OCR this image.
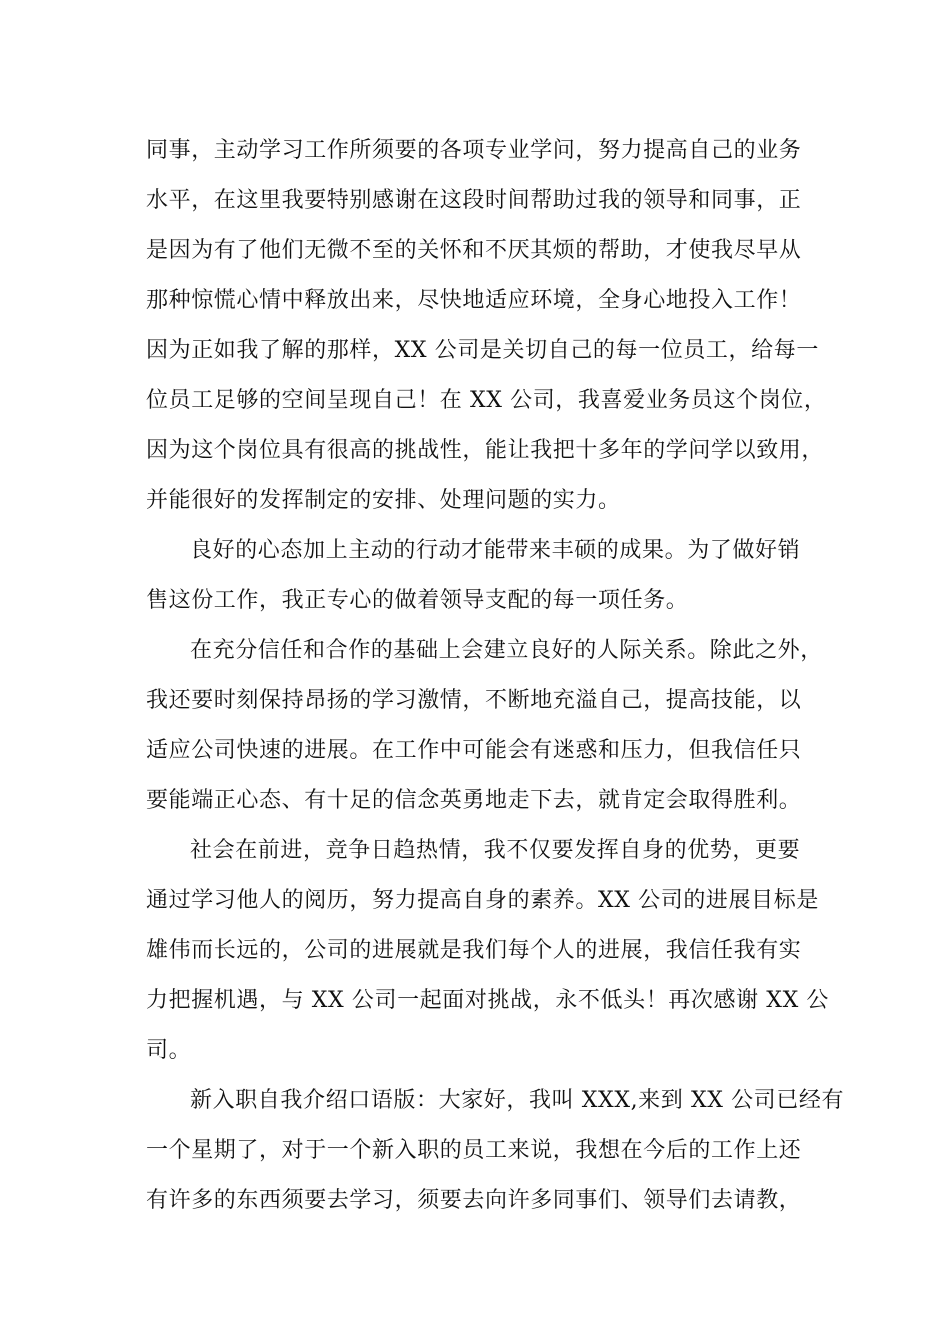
同事，主动学习工作所须要的各项专业学问，努力提高自己的业务
水平，在这里我要特别感谢在这段时间帮助过我的领导和同事，正
是因为有了他们无微不至的关怀和不厌其烦的帮助，才使我尽早从
那种惊慌心情中释放出来，尽快地适应环境，全身心地投入工作！
因为正如我了解的那样，XX 公司是关切自己的每一位员工，给每一
位员工足够的空间呈现自己！在 XX 公司，我喜爱业务员这个岗位，
因为这个岗位具有很高的挑战性，能让我把十多年的学问学以致用，
并能很好的发挥制定的安排、处理问题的实力。
良好的心态加上主动的行动才能带来丰硕的成果。为了做好销
售这份工作，我正专心的做着领导支配的每一项任务。
在充分信任和合作的基础上会建立良好的人际关系。除此之外，
我还要时刻保持昂扬的学习激情，不断地充溢自己，提高技能，以
适应公司快速的进展。在工作中可能会有迷惑和压力，但我信任只
要能端正心态、有十足的信念英勇地走下去，就肯定会取得胜利。
社会在前进，竞争日趋热情，我不仅要发挥自身的优势，更要
通过学习他人的阅历，努力提高自身的素养。XX 公司的进展目标是
雄伟而长远的，公司的进展就是我们每个人的进展，我信任我有实
力把握机遇，与 XX 公司一起面对挑战，永不低头！再次感谢 XX 公
司。
新入职自我介绍口语版：大家好，我叫 XXX,来到 XX 公司已经有
一个星期了，对于一个新入职的员工来说，我想在今后的工作上还
有许多的东西须要去学习，须要去向许多同事们、领导们去请教，
